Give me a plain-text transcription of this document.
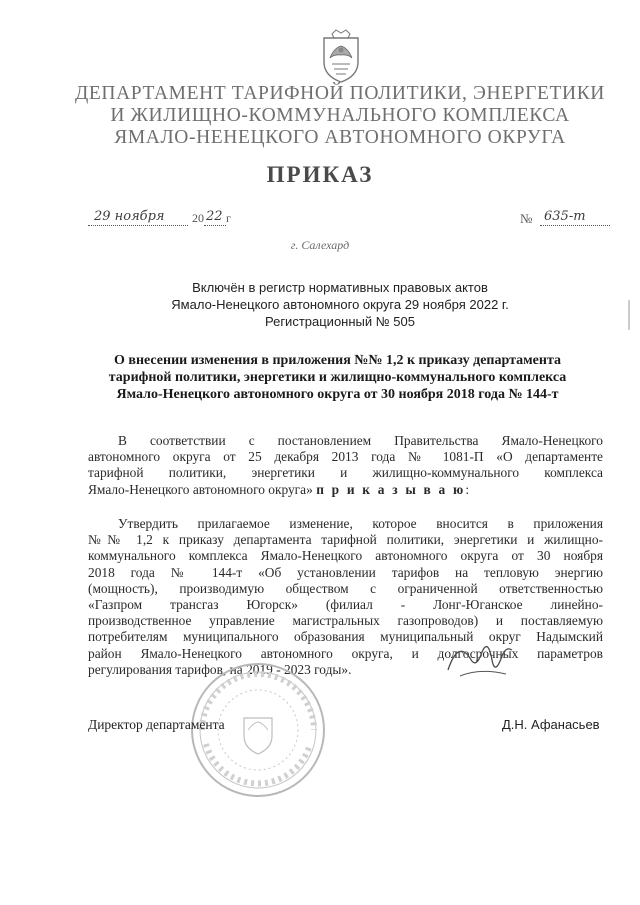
ДЕПАРТАМЕНТ ТАРИФНОЙ ПОЛИТИКИ, ЭНЕРГЕТИКИ
И ЖИЛИЩНО-КОММУНАЛЬНОГО КОМПЛЕКСА
ЯМАЛО-НЕНЕЦКОГО АВТОНОМНОГО ОКРУГА
ПРИКАЗ
29 ноября 20 22 г	№ 635-т
г. Салехард
Включён в регистр нормативных правовых актов
Ямало-Ненецкого автономного округа 29 ноября 2022 г.
Регистрационный № 505
О внесении изменения в приложения №№ 1,2 к приказу департамента
тарифной политики, энергетики и жилищно-коммунального комплекса
Ямало-Ненецкого автономного округа от 30 ноября 2018 года № 144-т
В соответствии с постановлением Правительства Ямало-Ненецкого
автономного округа от 25 декабря 2013 года № 1081-П «О департаменте
тарифной политики, энергетики и жилищно-коммунального комплекса
Ямало-Ненецкого автономного округа» п р и к а з ы в а ю:
Утвердить прилагаемое изменение, которое вносится в приложения
№№ 1,2 к приказу департамента тарифной политики, энергетики и жилищно-
коммунального комплекса Ямало-Ненецкого автономного округа от 30 ноября
2018 года № 144-т «Об установлении тарифов на тепловую энергию
(мощность), производимую обществом с ограниченной ответственностью
«Газпром трансгаз Югорск» (филиал - Лонг-Юганское линейно-
производственное управление магистральных газопроводов) и поставляемую
потребителям муниципального образования муниципальный округ Надымский
район Ямало-Ненецкого автономного округа, и долгосрочных параметров
регулирования тарифов, на 2019 - 2023 годы».
Директор департамента	Д.Н. Афанасьев
